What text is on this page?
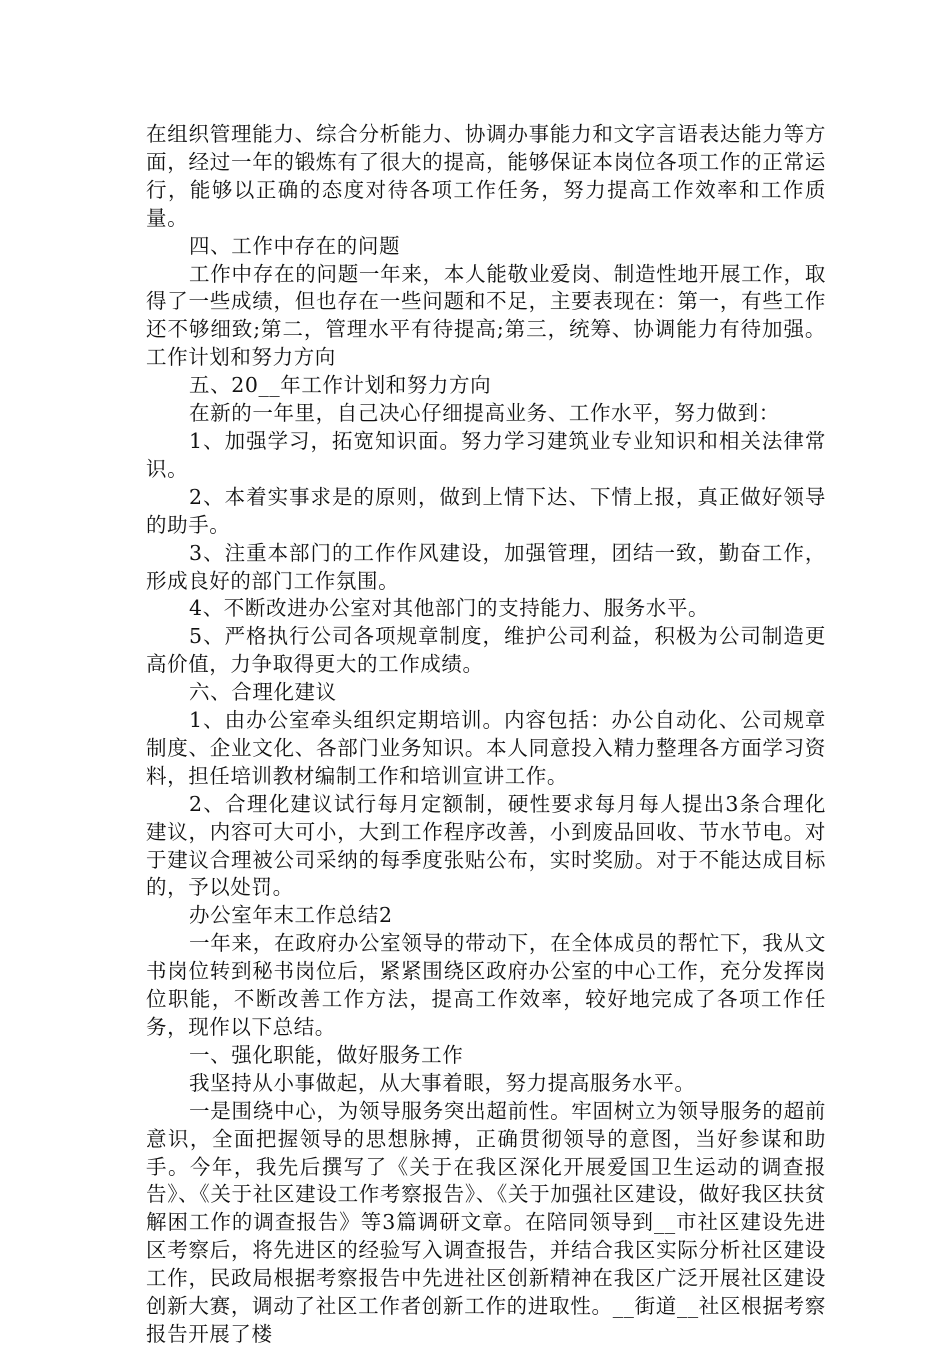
在组织管理能力、综合分析能力、协调办事能力和文字言语表达能力等方面，经过一年的锻炼有了很大的提高，能够保证本岗位各项工作的正常运行，能够以正确的态度对待各项工作任务，努力提高工作效率和工作质量。

四、工作中存在的问题

工作中存在的问题一年来，本人能敬业爱岗、制造性地开展工作，取得了一些成绩，但也存在一些问题和不足，主要表现在：第一，有些工作还不够细致;第二，管理水平有待提高;第三，统筹、协调能力有待加强。工作计划和努力方向

五、20__年工作计划和努力方向

在新的一年里，自己决心仔细提高业务、工作水平，努力做到：

1、加强学习，拓宽知识面。努力学习建筑业专业知识和相关法律常识。

2、本着实事求是的原则，做到上情下达、下情上报，真正做好领导的助手。

3、注重本部门的工作作风建设，加强管理，团结一致，勤奋工作，形成良好的部门工作氛围。

4、不断改进办公室对其他部门的支持能力、服务水平。

5、严格执行公司各项规章制度，维护公司利益，积极为公司制造更高价值，力争取得更大的工作成绩。

六、合理化建议

1、由办公室牵头组织定期培训。内容包括：办公自动化、公司规章制度、企业文化、各部门业务知识。本人同意投入精力整理各方面学习资料，担任培训教材编制工作和培训宣讲工作。

2、合理化建议试行每月定额制，硬性要求每月每人提出3条合理化建议，内容可大可小，大到工作程序改善，小到废品回收、节水节电。对于建议合理被公司采纳的每季度张贴公布，实时奖励。对于不能达成目标的，予以处罚。

办公室年末工作总结2

一年来，在政府办公室领导的带动下，在全体成员的帮忙下，我从文书岗位转到秘书岗位后，紧紧围绕区政府办公室的中心工作，充分发挥岗位职能，不断改善工作方法，提高工作效率，较好地完成了各项工作任务，现作以下总结。

一、强化职能，做好服务工作

我坚持从小事做起，从大事着眼，努力提高服务水平。

一是围绕中心，为领导服务突出超前性。牢固树立为领导服务的超前意识，全面把握领导的思想脉搏，正确贯彻领导的意图，当好参谋和助手。今年，我先后撰写了《关于在我区深化开展爱国卫生运动的调查报告》、《关于社区建设工作考察报告》、《关于加强社区建设，做好我区扶贫解困工作的调查报告》等3篇调研文章。在陪同领导到__市社区建设先进区考察后，将先进区的经验写入调查报告，并结合我区实际分析社区建设工作，民政局根据考察报告中先进社区创新精神在我区广泛开展社区建设创新大赛，调动了社区工作者创新工作的进取性。__街道__社区根据考察报告开展了楼
